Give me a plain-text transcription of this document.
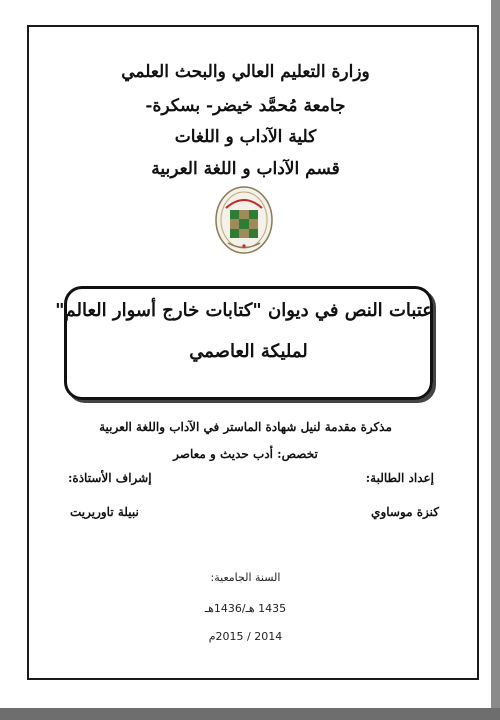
وزارة التعليم العالي والبحث العلمي
جامعة مُحمَّد خيضر- بسكرة-
كلية الآداب و اللغات
قسم الآداب و اللغة العربية
عتبات النص في ديوان "كتابات خارج أسوار العالم"
لمليكة العاصمي
مذكرة مقدمة لنيل شهادة الماستر في الآداب واللغة العربية
تخصص: أدب حديث و معاصر
إعداد الطالبة:
إشراف الأستاذة:
كنزة موساوي
نبيلة تاوريريت
السنة الجامعية:
1435 هـ/1436هـ
2014 / 2015م
